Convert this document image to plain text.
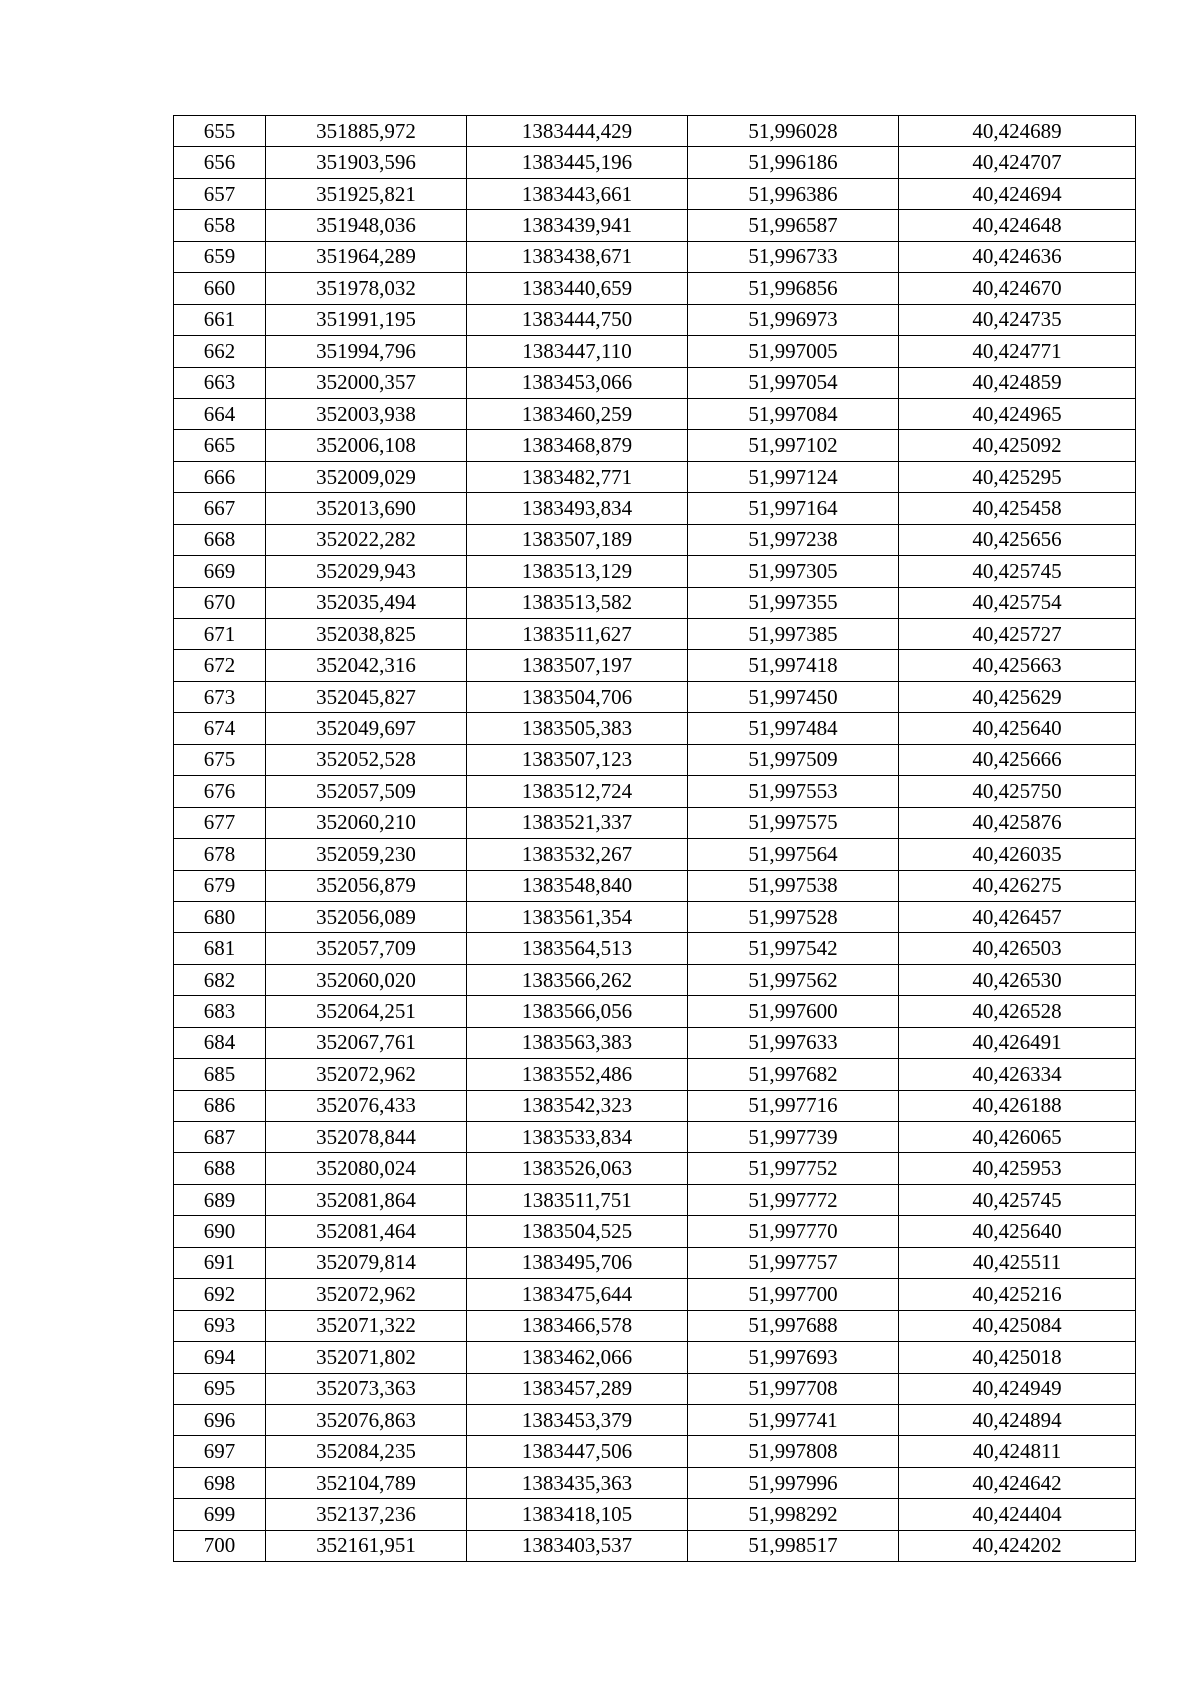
655	351885,972	1383444,429	51,996028	40,424689
656	351903,596	1383445,196	51,996186	40,424707
657	351925,821	1383443,661	51,996386	40,424694
658	351948,036	1383439,941	51,996587	40,424648
659	351964,289	1383438,671	51,996733	40,424636
660	351978,032	1383440,659	51,996856	40,424670
661	351991,195	1383444,750	51,996973	40,424735
662	351994,796	1383447,110	51,997005	40,424771
663	352000,357	1383453,066	51,997054	40,424859
664	352003,938	1383460,259	51,997084	40,424965
665	352006,108	1383468,879	51,997102	40,425092
666	352009,029	1383482,771	51,997124	40,425295
667	352013,690	1383493,834	51,997164	40,425458
668	352022,282	1383507,189	51,997238	40,425656
669	352029,943	1383513,129	51,997305	40,425745
670	352035,494	1383513,582	51,997355	40,425754
671	352038,825	1383511,627	51,997385	40,425727
672	352042,316	1383507,197	51,997418	40,425663
673	352045,827	1383504,706	51,997450	40,425629
674	352049,697	1383505,383	51,997484	40,425640
675	352052,528	1383507,123	51,997509	40,425666
676	352057,509	1383512,724	51,997553	40,425750
677	352060,210	1383521,337	51,997575	40,425876
678	352059,230	1383532,267	51,997564	40,426035
679	352056,879	1383548,840	51,997538	40,426275
680	352056,089	1383561,354	51,997528	40,426457
681	352057,709	1383564,513	51,997542	40,426503
682	352060,020	1383566,262	51,997562	40,426530
683	352064,251	1383566,056	51,997600	40,426528
684	352067,761	1383563,383	51,997633	40,426491
685	352072,962	1383552,486	51,997682	40,426334
686	352076,433	1383542,323	51,997716	40,426188
687	352078,844	1383533,834	51,997739	40,426065
688	352080,024	1383526,063	51,997752	40,425953
689	352081,864	1383511,751	51,997772	40,425745
690	352081,464	1383504,525	51,997770	40,425640
691	352079,814	1383495,706	51,997757	40,425511
692	352072,962	1383475,644	51,997700	40,425216
693	352071,322	1383466,578	51,997688	40,425084
694	352071,802	1383462,066	51,997693	40,425018
695	352073,363	1383457,289	51,997708	40,424949
696	352076,863	1383453,379	51,997741	40,424894
697	352084,235	1383447,506	51,997808	40,424811
698	352104,789	1383435,363	51,997996	40,424642
699	352137,236	1383418,105	51,998292	40,424404
700	352161,951	1383403,537	51,998517	40,424202
